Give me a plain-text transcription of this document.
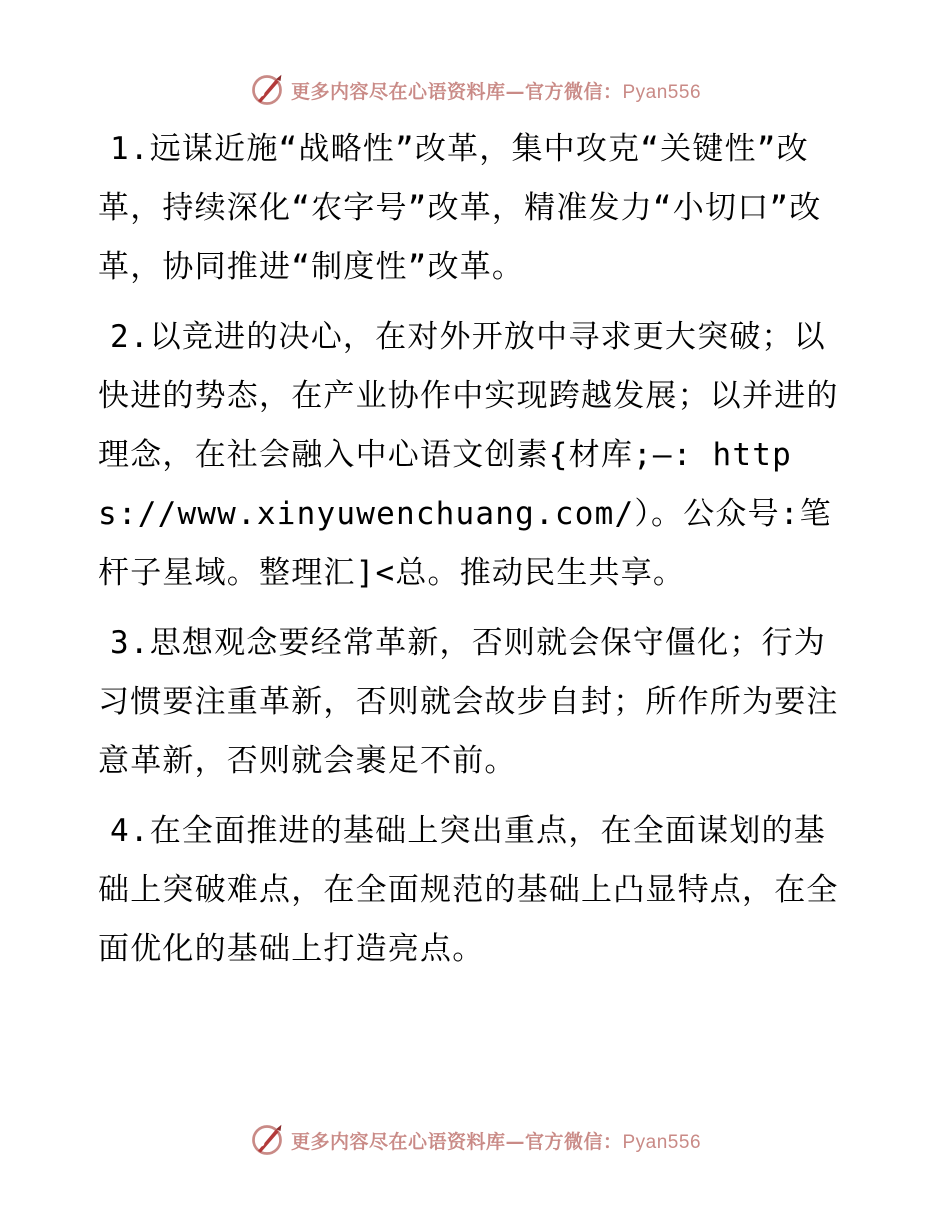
更多内容尽在心语资料库—官方微信：Pyan556

1.远谋近施“战略性”改革，集中攻克“关键性”改革，持续深化“农字号”改革，精准发力“小切口”改革，协同推进“制度性”改革。

2.以竞进的决心，在对外开放中寻求更大突破；以快进的势态，在产业协作中实现跨越发展；以并进的理念，在社会融入中心语文创素{材库;—: https://www.xinyuwenchuang.com/）。公众号:笔杆子星域。整理汇]<总。推动民生共享。

3.思想观念要经常革新，否则就会保守僵化；行为习惯要注重革新，否则就会故步自封；所作所为要注意革新，否则就会裹足不前。

4.在全面推进的基础上突出重点，在全面谋划的基础上突破难点，在全面规范的基础上凸显特点，在全面优化的基础上打造亮点。

更多内容尽在心语资料库—官方微信：Pyan556
